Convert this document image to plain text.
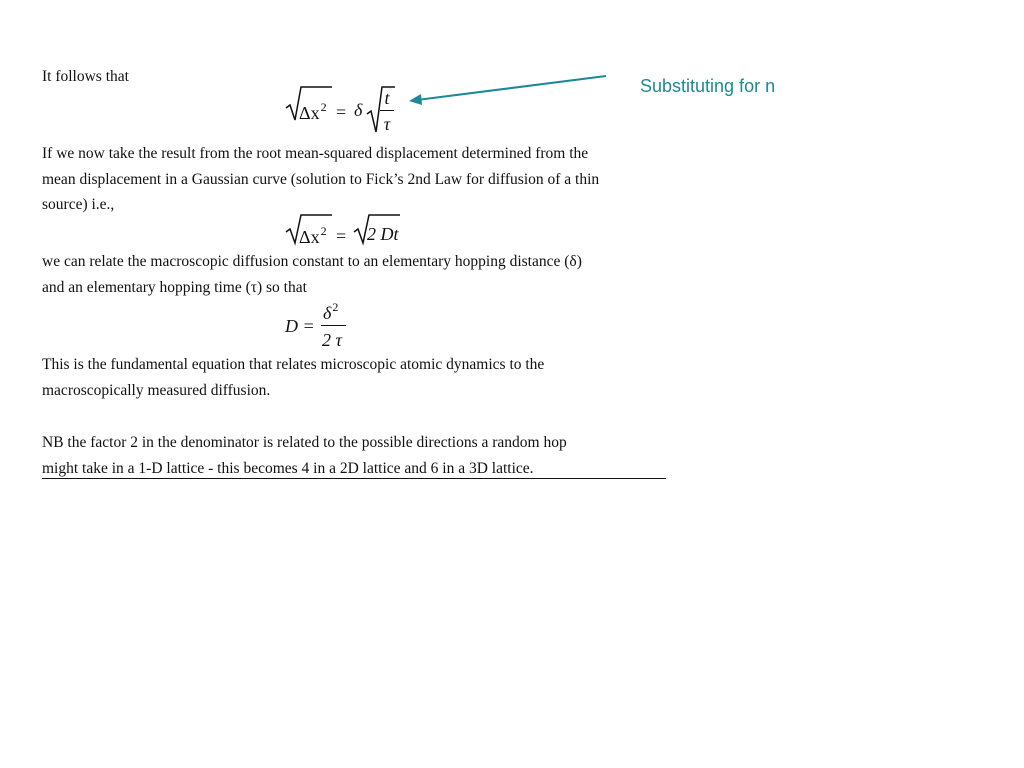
It follows that
$\Delta x^2 = \delta$
t
τ
Substituting for n
If we now take the result from the root mean-squared displacement determined from the
mean displacement in a Gaussian curve (solution to Fick’s 2nd Law for diffusion of a thin
source) i.e.,
$\Delta x^2 = 2$ Dt
we can relate the macroscopic diffusion constant to an elementary hopping distance (δ)
and an elementary hopping time (τ) so that
D =
$\delta^2$
2 τ
This is the fundamental equation that relates microscopic atomic dynamics to the
macroscopically measured diffusion.
NB the factor 2 in the denominator is related to the possible directions a random hop
might take in a 1-D lattice - this becomes 4 in a 2D lattice and 6 in a 3D lattice.
